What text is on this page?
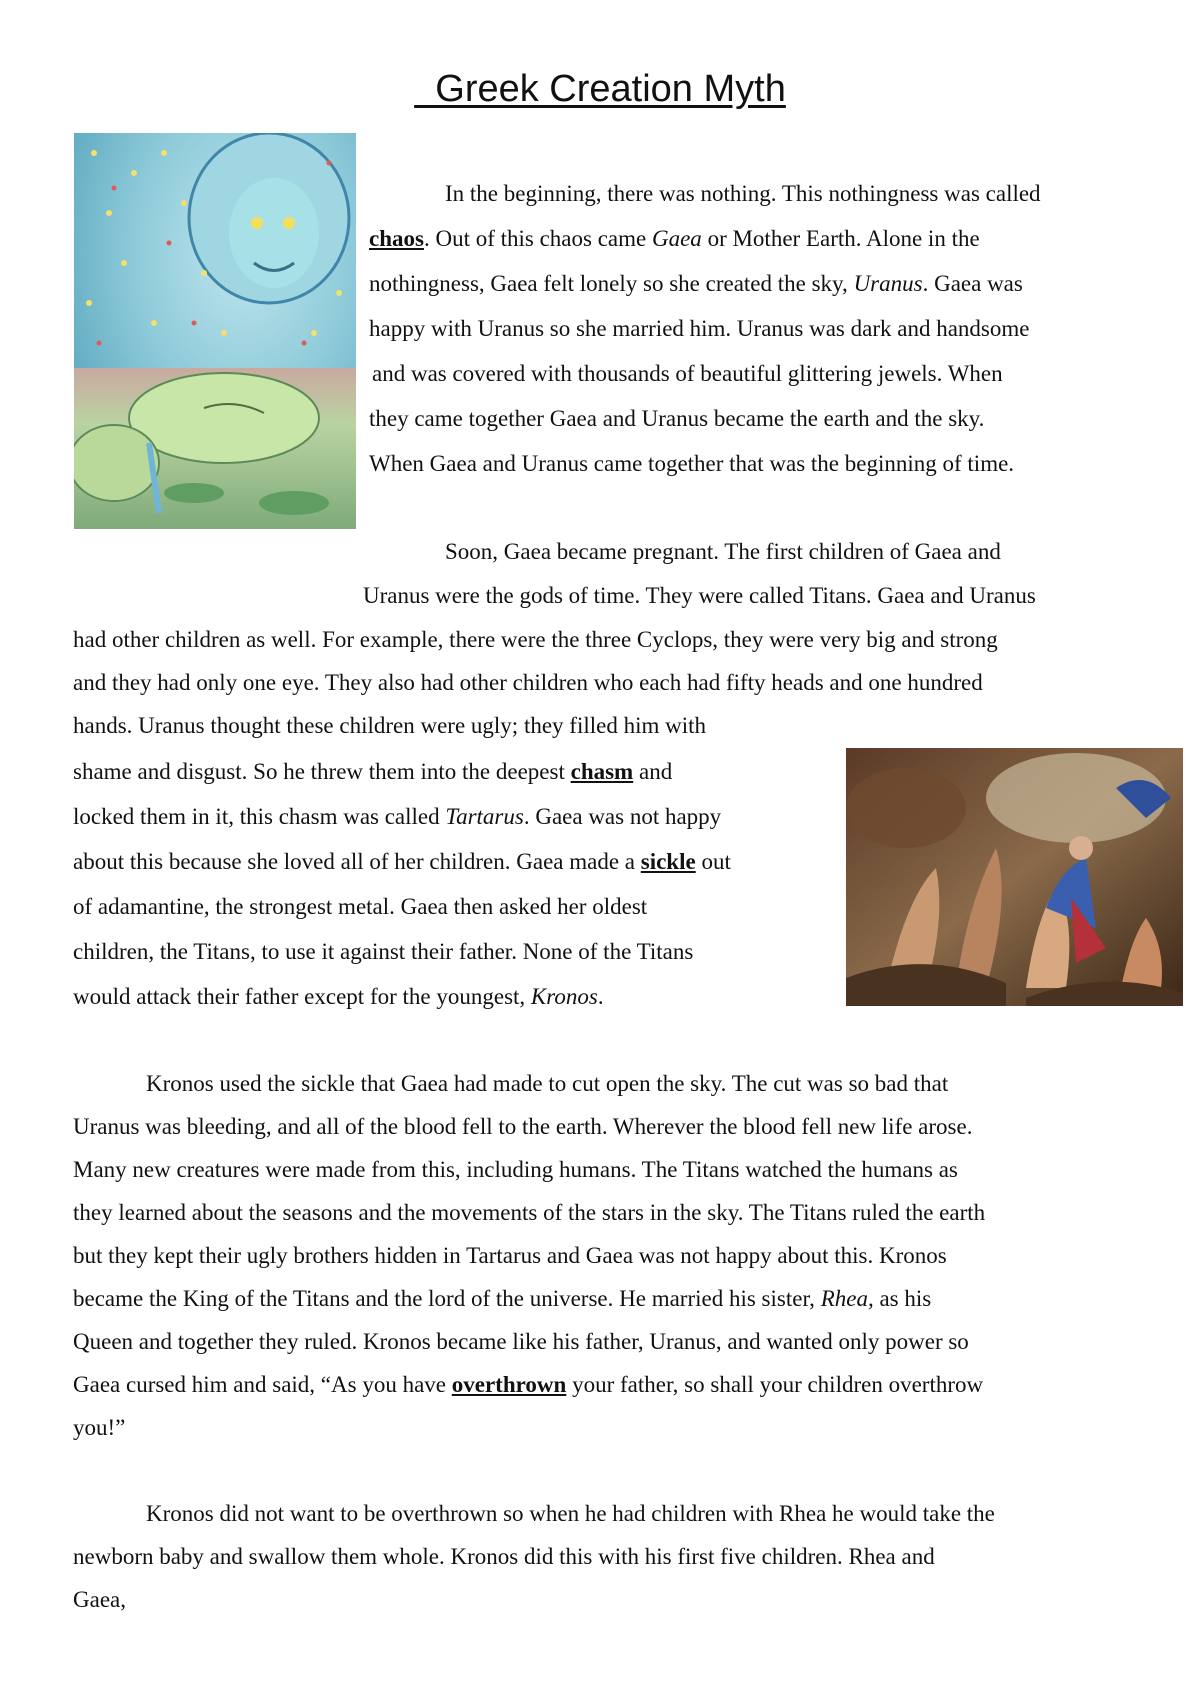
Greek Creation Myth
In the beginning, there was nothing. This nothingness was called
chaos. Out of this chaos came Gaea or Mother Earth. Alone in the
nothingness, Gaea felt lonely so she created the sky, Uranus. Gaea was
happy with Uranus so she married him. Uranus was dark and handsome
and was covered with thousands of beautiful glittering jewels. When
they came together Gaea and Uranus became the earth and the sky.
When Gaea and Uranus came together that was the beginning of time.
Soon, Gaea became pregnant. The first children of Gaea and
Uranus were the gods of time. They were called Titans. Gaea and Uranus
had other children as well. For example, there were the three Cyclops, they were very big and strong
and they had only one eye. They also had other children who each had fifty heads and one hundred
hands. Uranus thought these children were ugly; they filled him with
shame and disgust. So he threw them into the deepest chasm and
locked them in it, this chasm was called Tartarus. Gaea was not happy
about this because she loved all of her children. Gaea made a sickle out
of adamantine, the strongest metal. Gaea then asked her oldest
children, the Titans, to use it against their father. None of the Titans
would attack their father except for the youngest, Kronos.
Kronos used the sickle that Gaea had made to cut open the sky. The cut was so bad that
Uranus was bleeding, and all of the blood fell to the earth. Wherever the blood fell new life arose.
Many new creatures were made from this, including humans. The Titans watched the humans as
they learned about the seasons and the movements of the stars in the sky. The Titans ruled the earth
but they kept their ugly brothers hidden in Tartarus and Gaea was not happy about this. Kronos
became the King of the Titans and the lord of the universe. He married his sister, Rhea, as his
Queen and together they ruled. Kronos became like his father, Uranus, and wanted only power so
Gaea cursed him and said, “As you have overthrown your father, so shall your children overthrow
you!”
Kronos did not want to be overthrown so when he had children with Rhea he would take the
newborn baby and swallow them whole. Kronos did this with his first five children. Rhea and
Gaea,
